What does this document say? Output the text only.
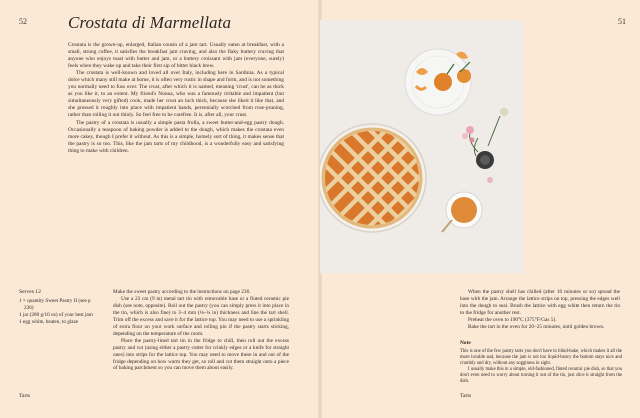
52 Crostata di Marmellata

Crostata is the grown-up, enlarged, Italian cousin of a jam tart. Usually eaten at breakfast, with a small, strong coffee, it satisfies the breakfast jam craving, and also the flaky buttery craving that anyone who enjoys toast with butter and jam, or a buttery croissant with jam (everyone, surely) feels when they wake up and take their first sip of bitter black brew.

The crostata is well-known and loved all over Italy, including here in Sardinia. As a typical dolce which many still make at home, it is often very rustic in shape and form, and is not something you normally need to fuss over. The crust, after which it is named, meaning 'crust', can be as thick as you like it, to an extent. My friend's Nonna, who was a famously irritable and impatient (but simultaneously very gifted) cook, made her crust an inch thick, because she liked it like that, and she pressed it roughly into place with impatient hands, perennially scorched from rose-pruning, rather than rolling it out thinly. So feel free to be carefree. It is, after all, your crust.

The pastry of a crostata is usually a simple pasta frolla, a sweet butter-and-egg pastry dough. Occasionally a teaspoon of baking powder is added to the dough, which makes the crostata even more cakey, though I prefer it without. As this is a simple, homely sort of thing, it makes sense that the pastry is so too. This, like the jam tarts of my childhood, is a wonderfully easy and satisfying thing to make with children.

Serves 12
1 × quantity Sweet Pastry II (see p 236)
1 jar (280 g/10 oz) of your best jam
1 egg white, beaten, to glaze

Make the sweet pastry according to the instructions on page 236.

Use a 23 cm (9 in) metal tart tin with removable base or a fluted ceramic pie dish (see note, opposite). Roll out the pastry (you can simply press it into place in the tin, which is also fine) to 3–4 mm (⅛–¼ in) thickness and line the tart shell. Trim off the excess and save it for the lattice top. You may need to use a sprinkling of extra flour on your work surface and rolling pin if the pastry starts sticking, depending on the temperature of the room.

Place the pastry-lined tart tin in the fridge to chill, then roll out the excess pastry and cut (using either a pastry cutter for crinkly edges or a knife for straight ones) into strips for the lattice top. You may need to move these in and out of the fridge depending on how warm they get, so roll and cut them straight onto a piece of baking parchment so you can move them about easily.

Tarts
51

When the pastry shell has chilled (after 10 minutes or so) spread the base with the jam. Arrange the lattice strips on top, pressing the edges well into the dough to seal. Brush the lattice with egg white then return the tin to the fridge for another rest.

Preheat the oven to 190°C (375°F/Gas 5).

Bake the tart in the oven for 20–25 minutes, until golden brown.

Note

This is one of the few pastry tarts you don't have to blind-bake, which makes it all the more lovable and, because the jam is not too liquid-heavy the bottom stays nice and crumbly and dry, without any sogginess in sight.

I usually make this in a simple, old-fashioned, fluted ceramic pie dish, so that you don't even need to worry about turning it out of the tin, just slice it straight from the dish.

Tarts
